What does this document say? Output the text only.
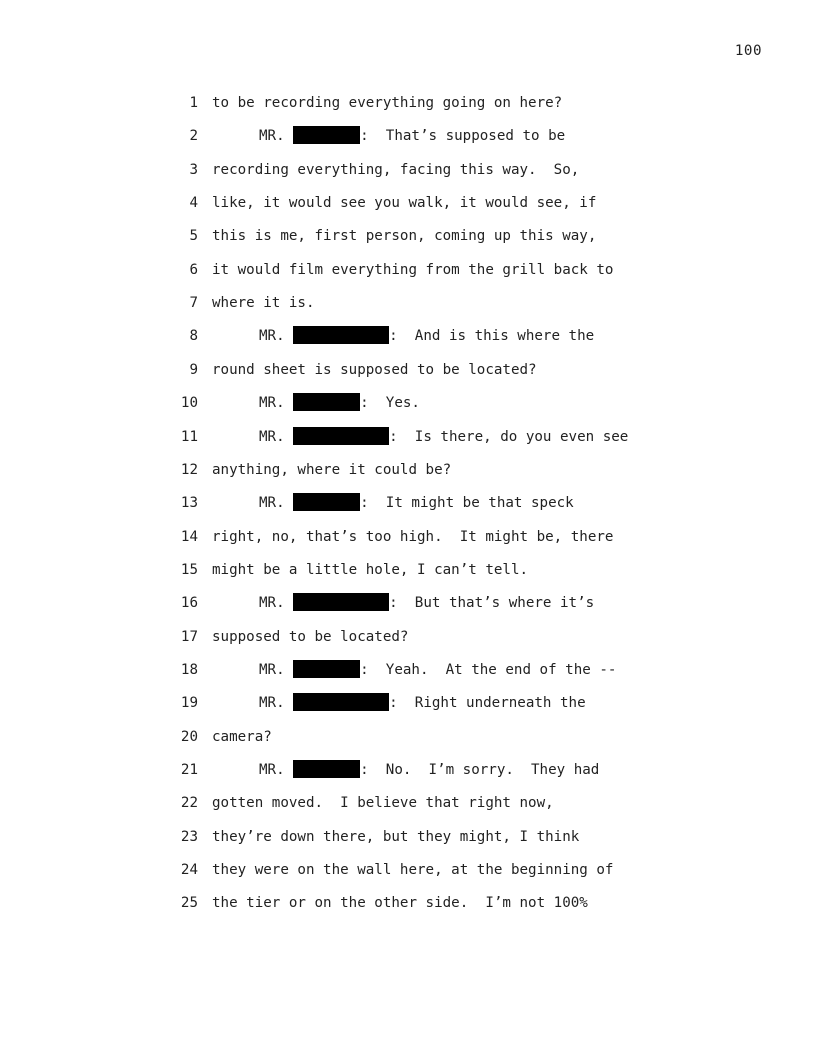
100
1 to be recording everything going on here?
2	MR.	:  That’s supposed to be
3 recording everything, facing this way.  So,
4 like, it would see you walk, it would see, if
5 this is me, first person, coming up this way,
6 it would film everything from the grill back to
7 where it is.
8	MR.	:  And is this where the
9 round sheet is supposed to be located?
10	MR.	:  Yes.
11	MR.	:  Is there, do you even see
12 anything, where it could be?
13	MR.	:  It might be that speck
14 right, no, that’s too high.  It might be, there
15 might be a little hole, I can’t tell.
16	MR.	:  But that’s where it’s
17 supposed to be located?
18	MR.	:  Yeah.  At the end of the --
19	MR.	:  Right underneath the
20 camera?
21	MR.	:  No.  I’m sorry.  They had
22 gotten moved.  I believe that right now,
23 they’re down there, but they might, I think
24 they were on the wall here, at the beginning of
25 the tier or on the other side.  I’m not 100%
